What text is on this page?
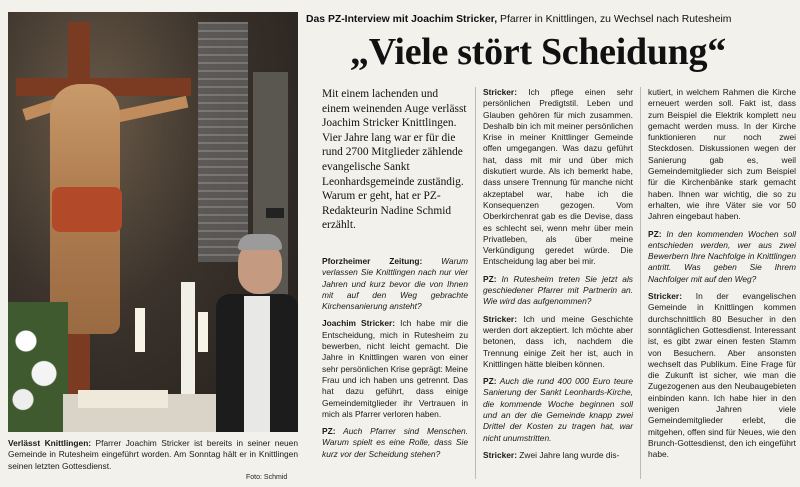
Verlässt Knittlingen: Pfarrer Joachim Stricker ist bereits in seiner neuen Gemeinde in Rutesheim eingeführt worden. Am Sonntag hält er in Knittlingen seinen letzten Gottesdienst.
Foto: Schmid
Das PZ-Interview mit Joachim Stricker, Pfarrer in Knittlingen, zu Wechsel nach Rutesheim
„Viele stört Scheidung“
Mit einem lachenden und einem weinenden Auge verlässt Joachim Stricker Knittlingen. Vier Jahre lang war er für die rund 2700 Mitglieder zählende evangelische Sankt Leonhardsgemeinde zuständig. Warum er geht, hat er PZ-Redakteurin Nadine Schmid erzählt.

Pforzheimer Zeitung: Warum verlassen Sie Knittlingen nach nur vier Jahren und kurz bevor die von Ihnen mit auf den Weg gebrachte Kirchensanierung ansteht?

Joachim Stricker: Ich habe mir die Entscheidung, mich in Rutesheim zu bewerben, nicht leicht gemacht. Die Jahre in Knittlingen waren von einer sehr persönlichen Krise geprägt: Meine Frau und ich haben uns getrennt. Das hat dazu geführt, dass einige Gemeindemitglieder ihr Vertrauen in mich als Pfarrer verloren haben.

PZ: Auch Pfarrer sind Menschen. Warum spielt es eine Rolle, dass Sie kurz vor der Scheidung stehen?

Stricker: Ich pflege einen sehr persönlichen Predigtstil. Leben und Glauben gehören für mich zusammen. Deshalb bin ich mit meiner persönlichen Krise in meiner Knittlinger Gemeinde offen umgegangen. Was dazu geführt hat, dass mit mir und über mich diskutiert wurde. Als ich bemerkt habe, dass unsere Trennung für manche nicht akzeptabel war, habe ich die Konsequenzen gezogen. Vom Oberkirchenrat gab es die Devise, dass es schlecht sei, wenn mehr über mein Privatleben, als über meine Verkündigung geredet würde. Die Entscheidung lag aber bei mir.

PZ: In Rutesheim treten Sie jetzt als geschiedener Pfarrer mit Partnerin an. Wie wird das aufgenommen?

Stricker: Ich und meine Geschichte werden dort akzeptiert. Ich möchte aber betonen, dass ich, nachdem die Trennung einige Zeit her ist, auch in Knittlingen hätte bleiben können.

PZ: Auch die rund 400 000 Euro teure Sanierung der Sankt Leonhards-Kirche, die kommende Woche beginnen soll und an der die Gemeinde knapp zwei Drittel der Kosten zu tragen hat, war nicht unumstritten.

Stricker: Zwei Jahre lang wurde dis-

kutiert, in welchem Rahmen die Kirche erneuert werden soll. Fakt ist, dass zum Beispiel die Elektrik komplett neu gemacht werden muss. In der Kirche funktionieren nur noch zwei Steckdosen. Diskussionen wegen der Sanierung gab es, weil Gemeindemitglieder sich zum Beispiel für die Kirchenbänke stark gemacht haben. Ihnen war wichtig, die so zu erhalten, wie ihre Väter sie vor 50 Jahren eingebaut haben.

PZ: In den kommenden Wochen soll entschieden werden, wer aus zwei Bewerbern Ihre Nachfolge in Knittlingen antritt. Was geben Sie Ihrem Nachfolger mit auf den Weg?

Stricker: In der evangelischen Gemeinde in Knittlingen kommen durchschnittlich 80 Besucher in den sonntäglichen Gottesdienst. Interessant ist, es gibt zwar einen festen Stamm von Besuchern. Aber ansonsten wechselt das Publikum. Eine Frage für die Zukunft ist sicher, wie man die Zugezogenen aus den Neubaugebieten einbinden kann. Ich habe hier in den wenigen Jahren viele Gemeindemitglieder erlebt, die mitgehen, offen sind für Neues, wie den Brunch-Gottesdienst, den ich eingeführt habe.
